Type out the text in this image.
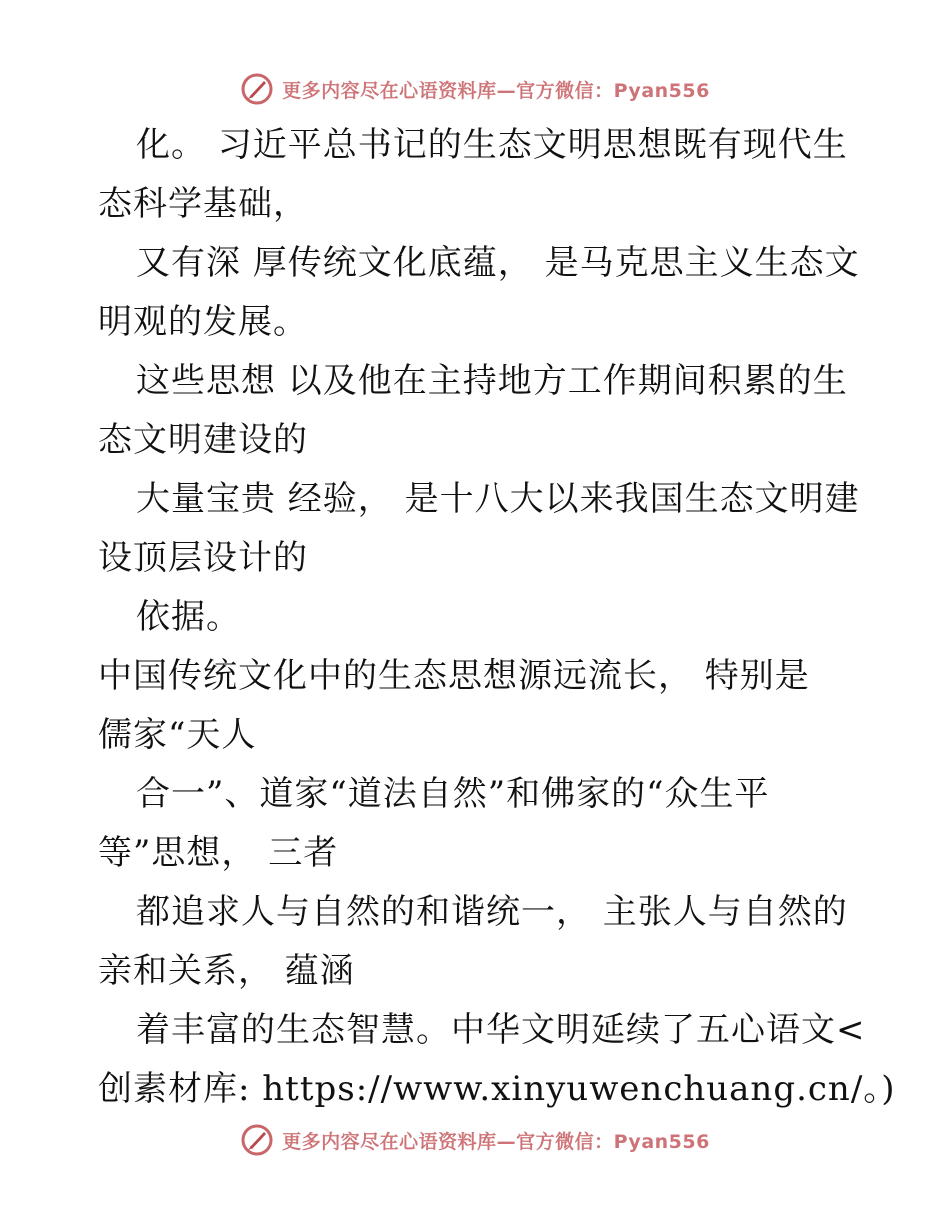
更多内容尽在心语资料库—官方微信：Pyan556
化。 习近平总书记的生态文明思想既有现代生
态科学基础，
又有深 厚传统文化底蕴， 是马克思主义生态文
明观的发展。
这些思想 以及他在主持地方工作期间积累的生
态文明建设的
大量宝贵 经验， 是十八大以来我国生态文明建
设顶层设计的
依据。
中国传统文化中的生态思想源远流长， 特别是
儒家“天人
合一”、道家“道法自然”和佛家的“众生平
等”思想， 三者
都追求人与自然的和谐统一， 主张人与自然的
亲和关系， 蕴涵
着丰富的生态智慧。中华文明延续了五心语文<
创素材库: https://www.xinyuwenchuang.cn/。)
更多内容尽在心语资料库—官方微信：Pyan556
